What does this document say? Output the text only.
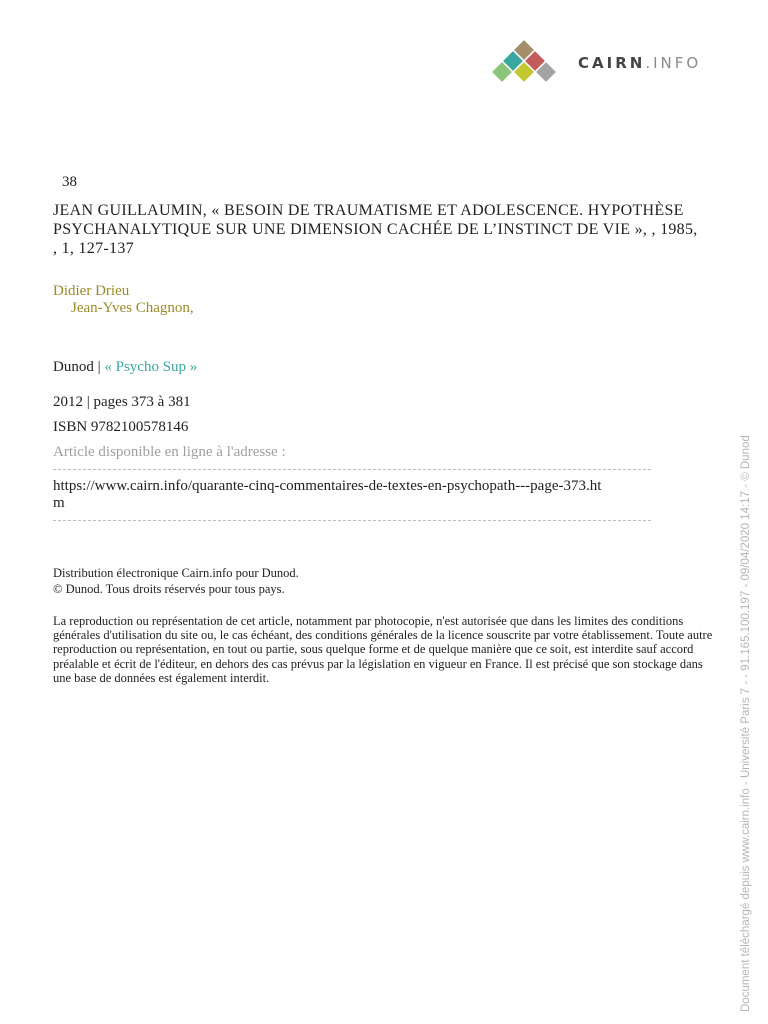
CAIRN.INFO
38
JEAN GUILLAUMIN, « BESOIN DE TRAUMATISME ET ADOLESCENCE. HYPOTHÈSE PSYCHANALYTIQUE SUR UNE DIMENSION CACHÉE DE L’INSTINCT DE VIE », , 1985, , 1, 127-137
Didier Drieu
Jean-Yves Chagnon,
Dunod | « Psycho Sup »
2012 | pages 373 à 381
ISBN 9782100578146
Article disponible en ligne à l'adresse :
https://www.cairn.info/quarante-cinq-commentaires-de-textes-en-psychopath---page-373.htm
Distribution électronique Cairn.info pour Dunod.
© Dunod. Tous droits réservés pour tous pays.

La reproduction ou représentation de cet article, notamment par photocopie, n'est autorisée que dans les limites des conditions générales d'utilisation du site ou, le cas échéant, des conditions générales de la licence souscrite par votre établissement. Toute autre reproduction ou représentation, en tout ou partie, sous quelque forme et de quelque manière que ce soit, est interdite sauf accord préalable et écrit de l'éditeur, en dehors des cas prévus par la législation en vigueur en France. Il est précisé que son stockage dans une base de données est également interdit.	Document téléchargé depuis www.cairn.info - Université Paris 7 - - 91.165.100.197 - 09/04/2020 14:17 - © Dunod
